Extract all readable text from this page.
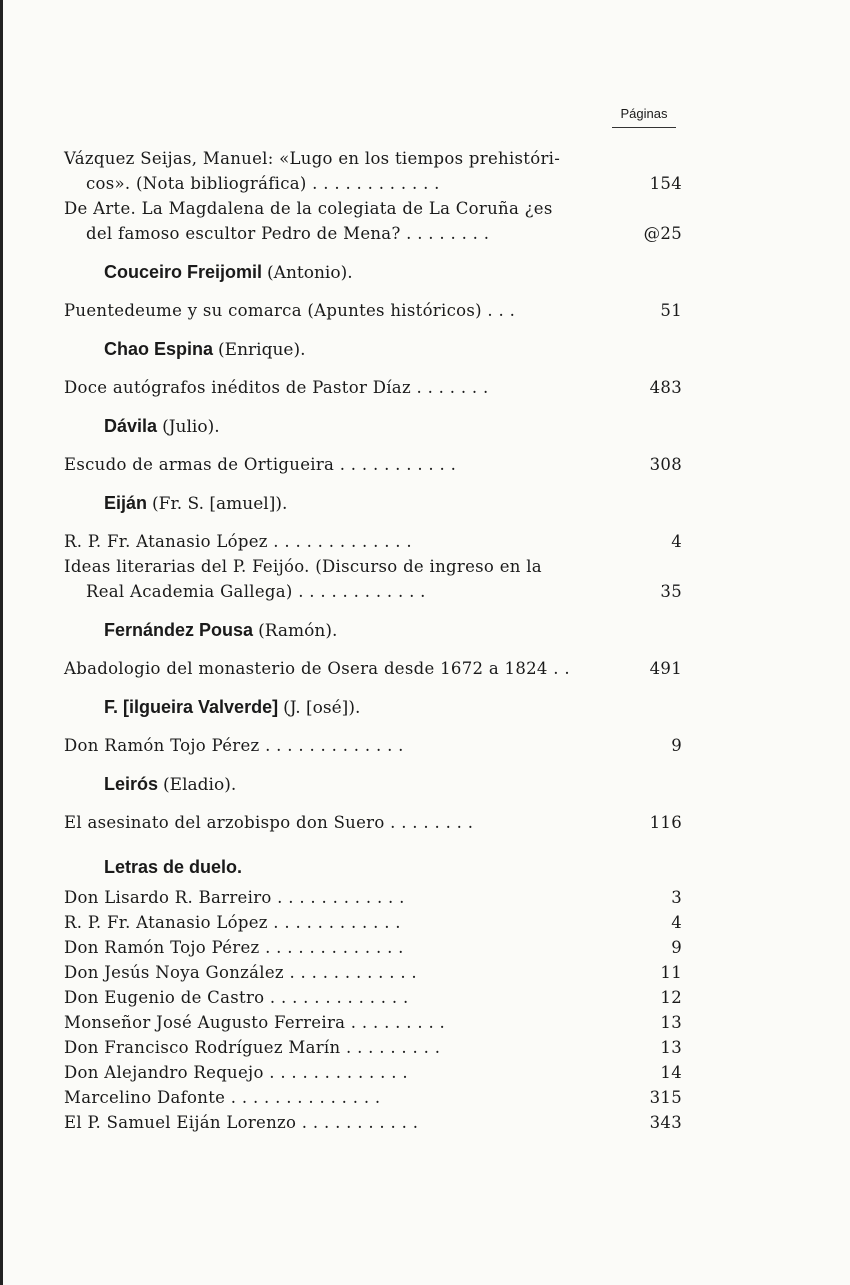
Páginas
Vázquez Seijas, Manuel: «Lugo en los tiempos prehistóri-
cos». (Nota bibliográfica) . . . . . . . . . . . .	154
De Arte. La Magdalena de la colegiata de La Coruña ¿es
del famoso escultor Pedro de Mena? . . . . . . . .	@25
Couceiro Freijomil (Antonio).
Puentedeume y su comarca (Apuntes históricos) . . .	51
Chao Espina (Enrique).
Doce autógrafos inéditos de Pastor Díaz . . . . . . .	483
Dávila (Julio).
Escudo de armas de Ortigueira . . . . . . . . . . .	308
Eiján (Fr. S. [amuel]).
R. P. Fr. Atanasio López . . . . . . . . . . . . .	4
Ideas literarias del P. Feijóo. (Discurso de ingreso en la
Real Academia Gallega) . . . . . . . . . . . .	35
Fernández Pousa (Ramón).
Abadologio del monasterio de Osera desde 1672 a 1824 . .	491
F. [ilgueira Valverde] (J. [osé]).
Don Ramón Tojo Pérez . . . . . . . . . . . . .	9
Leirós (Eladio).
El asesinato del arzobispo don Suero . . . . . . . .	116
Letras de duelo.
Don Lisardo R. Barreiro . . . . . . . . . . . .	3
R. P. Fr. Atanasio López . . . . . . . . . . . .	4
Don Ramón Tojo Pérez . . . . . . . . . . . . .	9
Don Jesús Noya González . . . . . . . . . . . .	11
Don Eugenio de Castro . . . . . . . . . . . . .	12
Monseñor José Augusto Ferreira . . . . . . . . .	13
Don Francisco Rodríguez Marín . . . . . . . . .	13
Don Alejandro Requejo . . . . . . . . . . . . .	14
Marcelino Dafonte . . . . . . . . . . . . . .	315
El P. Samuel Eiján Lorenzo . . . . . . . . . . .	343
